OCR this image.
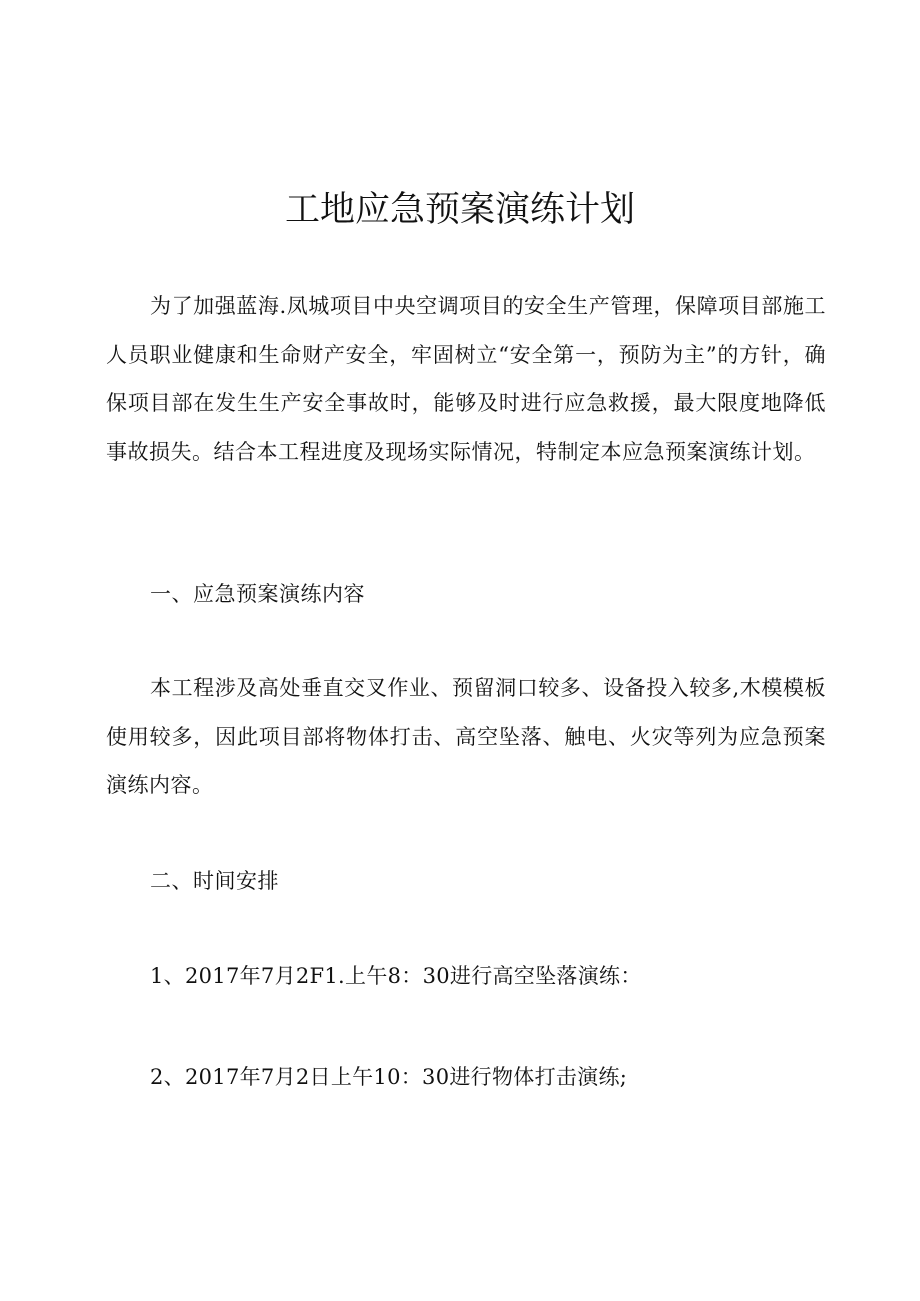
工地应急预案演练计划

为了加强蓝海.凤城项目中央空调项目的安全生产管理，保障项目部施工人员职业健康和生命财产安全，牢固树立“安全第一，预防为主”的方针，确保项目部在发生生产安全事故时，能够及时进行应急救援，最大限度地降低事故损失。结合本工程进度及现场实际情况，特制定本应急预案演练计划。

一、应急预案演练内容

本工程涉及高处垂直交叉作业、预留洞口较多、设备投入较多,木模模板使用较多，因此项目部将物体打击、高空坠落、触电、火灾等列为应急预案演练内容。

二、时间安排

1、2017年7月2F1.上午8：30进行高空坠落演练：

2、2017年7月2日上午10：30进行物体打击演练;
